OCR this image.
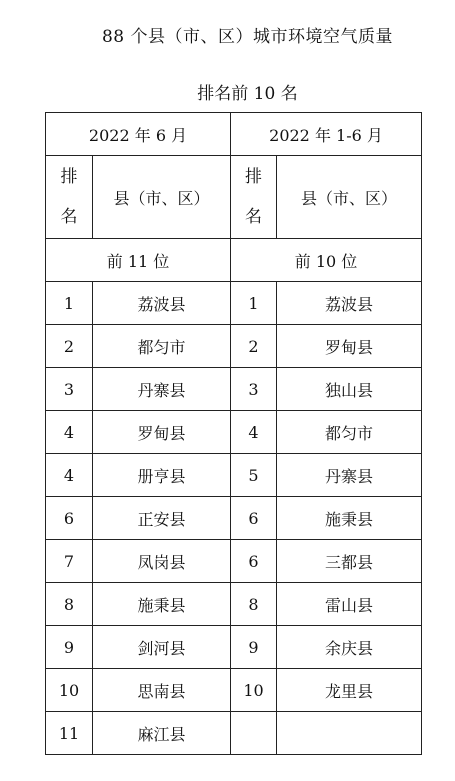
88 个县（市、区）城市环境空气质量
排名前 10 名
2022 年 6 月		2022 年 1-6 月	
排名	县（市、区）	排名	县（市、区）
前 11 位		前 10 位	
1	荔波县	1	荔波县
2	都匀市	2	罗甸县
3	丹寨县	3	独山县
4	罗甸县	4	都匀市
4	册亨县	5	丹寨县
6	正安县	6	施秉县
7	凤岗县	6	三都县
8	施秉县	8	雷山县
9	剑河县	9	余庆县
10	思南县	10	龙里县
11	麻江县		
